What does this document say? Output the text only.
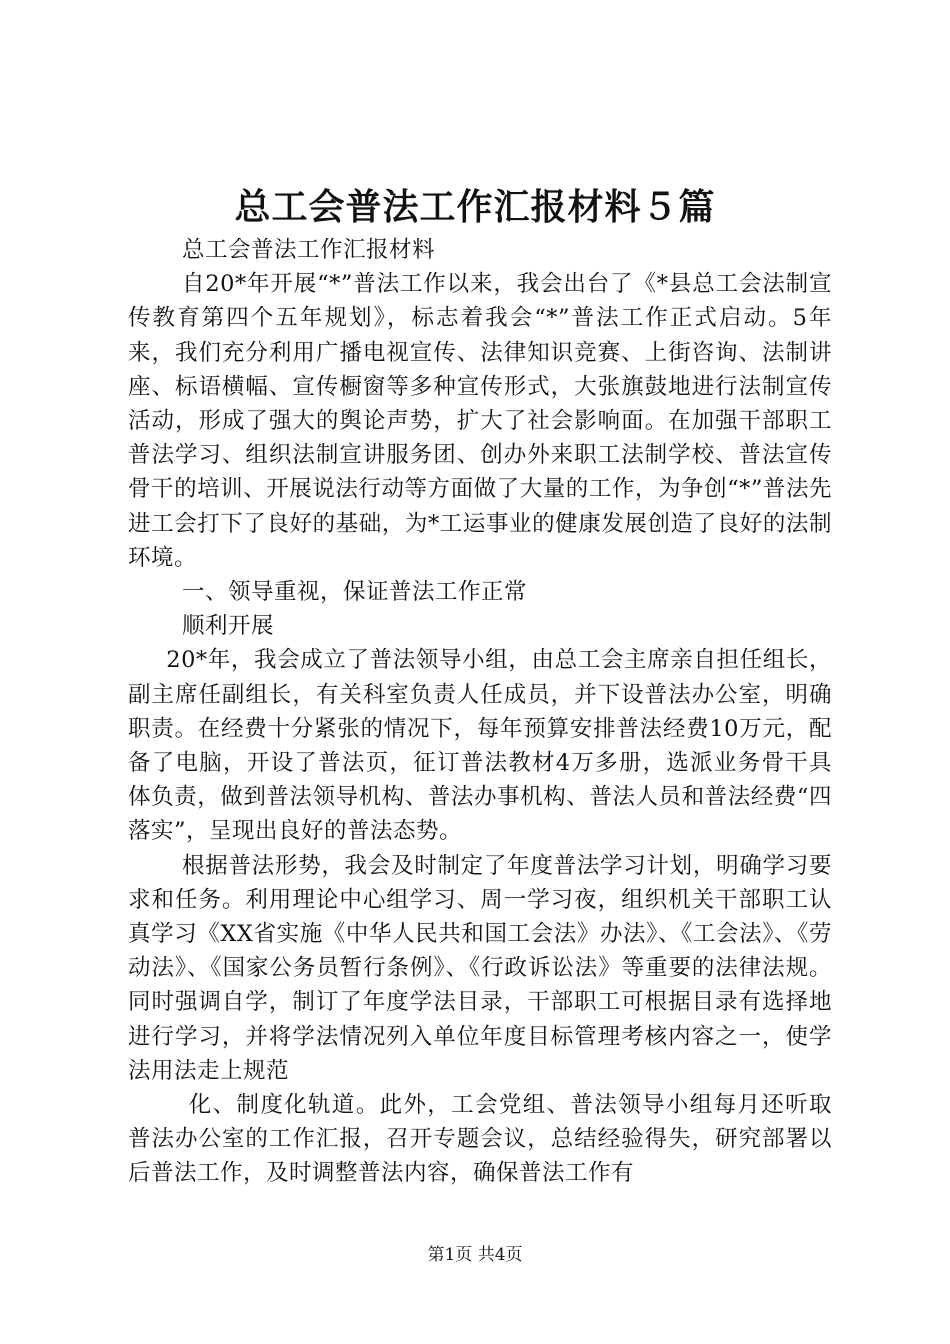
总工会普法工作汇报材料５篇

总工会普法工作汇报材料

自20*年开展“*”普法工作以来，我会出台了《*县总工会法制宣传教育第四个五年规划》，标志着我会“*”普法工作正式启动。5年来，我们充分利用广播电视宣传、法律知识竞赛、上街咨询、法制讲座、标语横幅、宣传橱窗等多种宣传形式，大张旗鼓地进行法制宣传活动，形成了强大的舆论声势，扩大了社会影响面。在加强干部职工普法学习、组织法制宣讲服务团、创办外来职工法制学校、普法宣传骨干的培训、开展说法行动等方面做了大量的工作，为争创“*”普法先进工会打下了良好的基础，为*工运事业的健康发展创造了良好的法制环境。

一、领导重视，保证普法工作正常

顺利开展

20*年，我会成立了普法领导小组，由总工会主席亲自担任组长，副主席任副组长，有关科室负责人任成员，并下设普法办公室，明确职责。在经费十分紧张的情况下，每年预算安排普法经费10万元，配备了电脑，开设了普法页，征订普法教材4万多册，选派业务骨干具体负责，做到普法领导机构、普法办事机构、普法人员和普法经费“四落实”，呈现出良好的普法态势。

根据普法形势，我会及时制定了年度普法学习计划，明确学习要求和任务。利用理论中心组学习、周一学习夜，组织机关干部职工认真学习《XX省实施《中华人民共和国工会法》办法》、《工会法》、《劳动法》、《国家公务员暂行条例》、《行政诉讼法》等重要的法律法规。同时强调自学，制订了年度学法目录，干部职工可根据目录有选择地进行学习，并将学法情况列入单位年度目标管理考核内容之一，使学法用法走上规范

化、制度化轨道。此外，工会党组、普法领导小组每月还听取普法办公室的工作汇报，召开专题会议，总结经验得失，研究部署以后普法工作，及时调整普法内容，确保普法工作有

第1页 共4页
